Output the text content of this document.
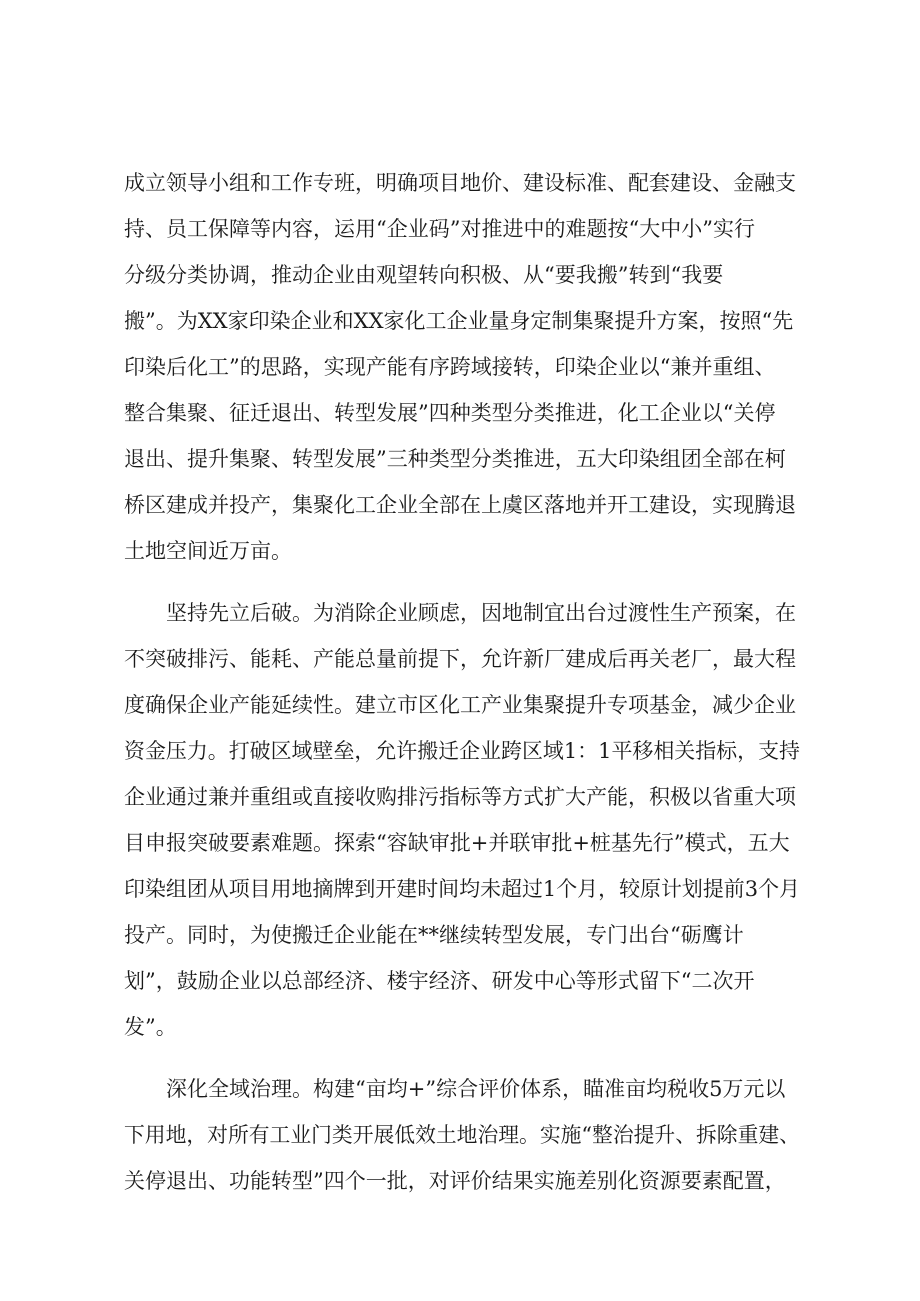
成立领导小组和工作专班，明确项目地价、建设标准、配套建设、金融支
持、员工保障等内容，运用“企业码”对推进中的难题按“大中小”实行
分级分类协调，推动企业由观望转向积极、从“要我搬”转到“我要
搬”。为XX家印染企业和XX家化工企业量身定制集聚提升方案，按照“先
印染后化工”的思路，实现产能有序跨域接转，印染企业以“兼并重组、
整合集聚、征迁退出、转型发展”四种类型分类推进，化工企业以“关停
退出、提升集聚、转型发展”三种类型分类推进，五大印染组团全部在柯
桥区建成并投产，集聚化工企业全部在上虞区落地并开工建设，实现腾退
土地空间近万亩。
坚持先立后破。为消除企业顾虑，因地制宜出台过渡性生产预案，在
不突破排污、能耗、产能总量前提下，允许新厂建成后再关老厂，最大程
度确保企业产能延续性。建立市区化工产业集聚提升专项基金，减少企业
资金压力。打破区域壁垒，允许搬迁企业跨区域1：1平移相关指标，支持
企业通过兼并重组或直接收购排污指标等方式扩大产能，积极以省重大项
目申报突破要素难题。探索“容缺审批+并联审批+桩基先行”模式，五大
印染组团从项目用地摘牌到开建时间均未超过1个月，较原计划提前3个月
投产。同时，为使搬迁企业能在**继续转型发展，专门出台“砺鹰计
划”，鼓励企业以总部经济、楼宇经济、研发中心等形式留下“二次开
发”。
深化全域治理。构建“亩均+”综合评价体系，瞄准亩均税收5万元以
下用地，对所有工业门类开展低效土地治理。实施“整治提升、拆除重建、
关停退出、功能转型”四个一批，对评价结果实施差别化资源要素配置，
